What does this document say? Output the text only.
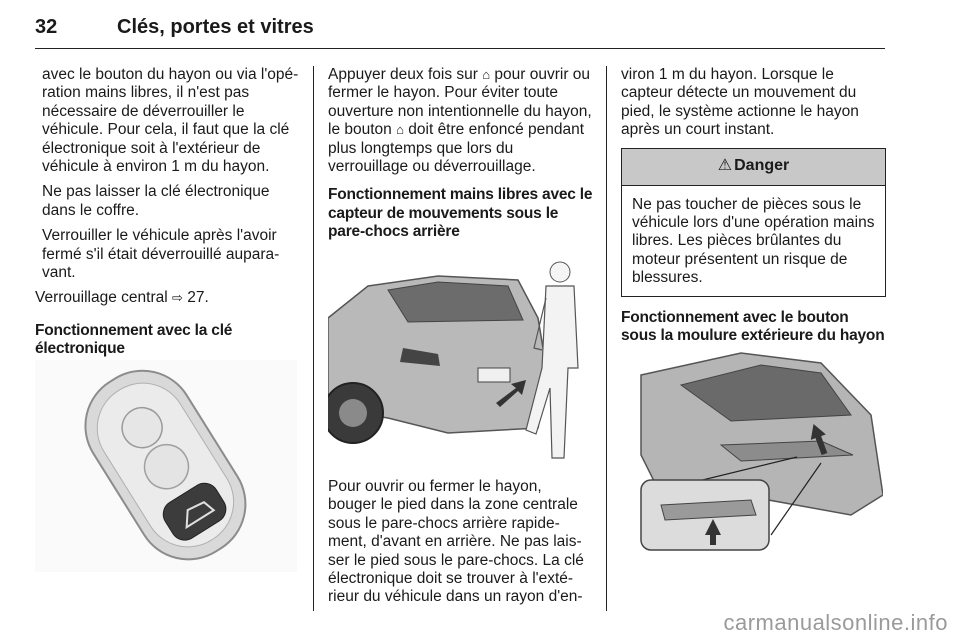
32	Clés, portes et vitres

avec le bouton du hayon ou via l'opé-ration mains libres, il n'est pas nécessaire de déverrouiller le véhicule. Pour cela, il faut que la clé électronique soit à l'extérieur de véhicule à environ 1 m du hayon.

Ne pas laisser la clé électronique dans le coffre.

Verrouiller le véhicule après l'avoir fermé s'il était déverrouillé aupara-vant.

Verrouillage central ⇨ 27.

Fonctionnement avec la clé électronique

Appuyer deux fois sur ⌂ pour ouvrir ou fermer le hayon. Pour éviter toute ouverture non intentionnelle du hayon, le bouton ⌂ doit être enfoncé pendant plus longtemps que lors du verrouillage ou déverrouillage.

Fonctionnement mains libres avec le capteur de mouvements sous le pare-chocs arrière

Pour ouvrir ou fermer le hayon, bouger le pied dans la zone centrale sous le pare-chocs arrière rapide-ment, d'avant en arrière. Ne pas lais-ser le pied sous le pare-chocs. La clé électronique doit se trouver à l'exté-rieur du véhicule dans un rayon d'en-

viron 1 m du hayon. Lorsque le capteur détecte un mouvement du pied, le système actionne le hayon après un court instant.

⚠ Danger
Ne pas toucher de pièces sous le véhicule lors d'une opération mains libres. Les pièces brûlantes du moteur présentent un risque de blessures.

Fonctionnement avec le bouton sous la moulure extérieure du hayon

carmanualsonline.info
